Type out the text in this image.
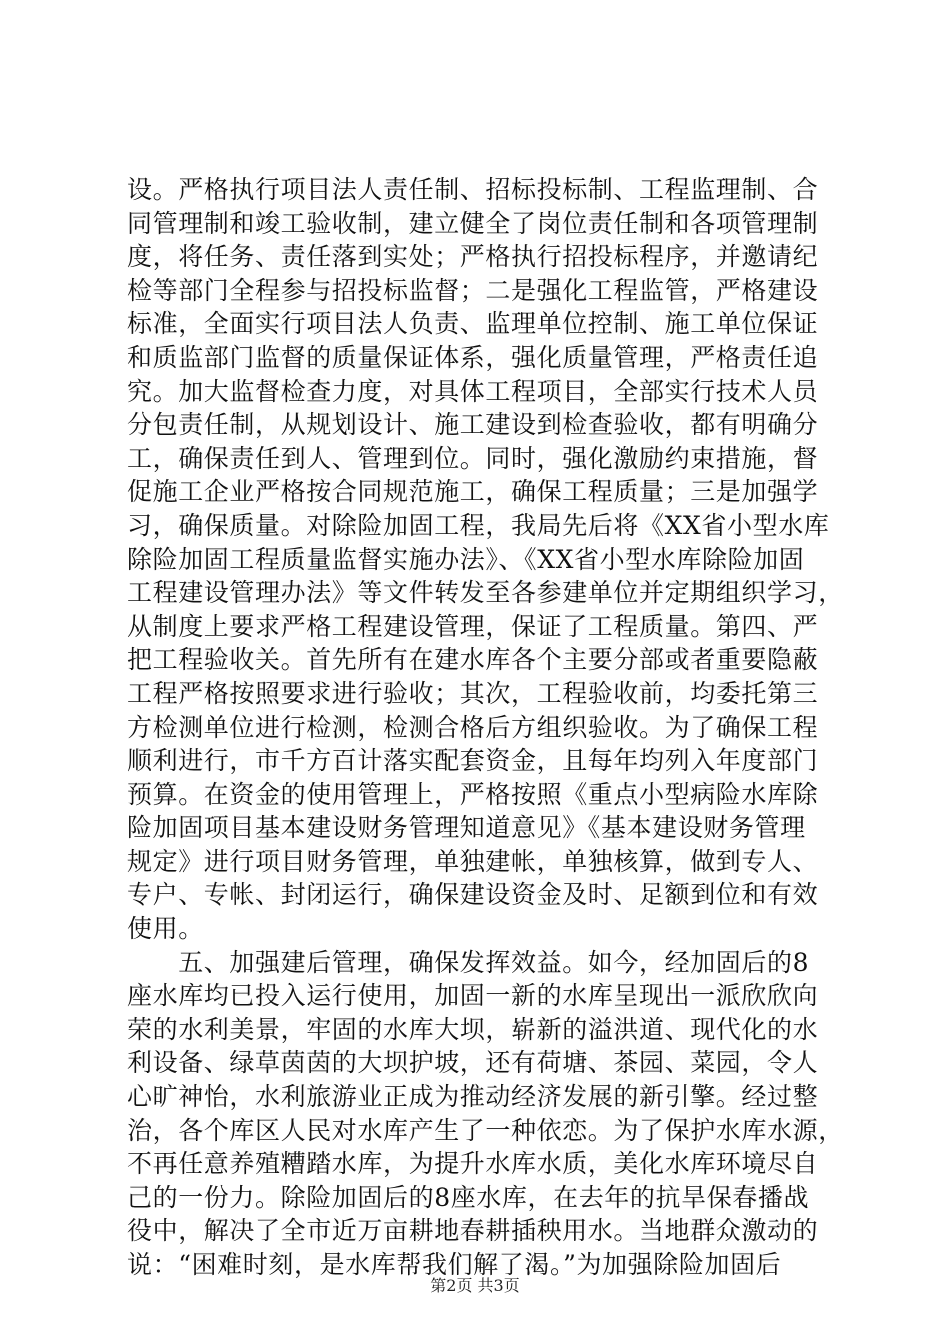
设。严格执行项目法人责任制、招标投标制、工程监理制、合
同管理制和竣工验收制，建立健全了岗位责任制和各项管理制
度，将任务、责任落到实处；严格执行招投标程序，并邀请纪
检等部门全程参与招投标监督；二是强化工程监管，严格建设
标准，全面实行项目法人负责、监理单位控制、施工单位保证
和质监部门监督的质量保证体系，强化质量管理，严格责任追
究。加大监督检查力度，对具体工程项目，全部实行技术人员
分包责任制，从规划设计、施工建设到检查验收，都有明确分
工，确保责任到人、管理到位。同时，强化激励约束措施，督
促施工企业严格按合同规范施工，确保工程质量；三是加强学
习，确保质量。对除险加固工程，我局先后将《XX省小型水库
除险加固工程质量监督实施办法》、《XX省小型水库除险加固
工程建设管理办法》等文件转发至各参建单位并定期组织学习，
从制度上要求严格工程建设管理，保证了工程质量。第四、严
把工程验收关。首先所有在建水库各个主要分部或者重要隐蔽
工程严格按照要求进行验收；其次，工程验收前，均委托第三
方检测单位进行检测，检测合格后方组织验收。为了确保工程
顺利进行，市千方百计落实配套资金，且每年均列入年度部门
预算。在资金的使用管理上，严格按照《重点小型病险水库除
险加固项目基本建设财务管理知道意见》《基本建设财务管理
规定》进行项目财务管理，单独建帐，单独核算，做到专人、
专户、专帐、封闭运行，确保建设资金及时、足额到位和有效
使用。
　　五、加强建后管理，确保发挥效益。如今，经加固后的8
座水库均已投入运行使用，加固一新的水库呈现出一派欣欣向
荣的水利美景，牢固的水库大坝，崭新的溢洪道、现代化的水
利设备、绿草茵茵的大坝护坡，还有荷塘、茶园、菜园，令人
心旷神怡，水利旅游业正成为推动经济发展的新引擎。经过整
治，各个库区人民对水库产生了一种依恋。为了保护水库水源，
不再任意养殖糟踏水库，为提升水库水质，美化水库环境尽自
己的一份力。除险加固后的8座水库，在去年的抗旱保春播战
役中，解决了全市近万亩耕地春耕插秧用水。当地群众激动的
说：“困难时刻，是水库帮我们解了渴。”为加强除险加固后
第2页 共3页
